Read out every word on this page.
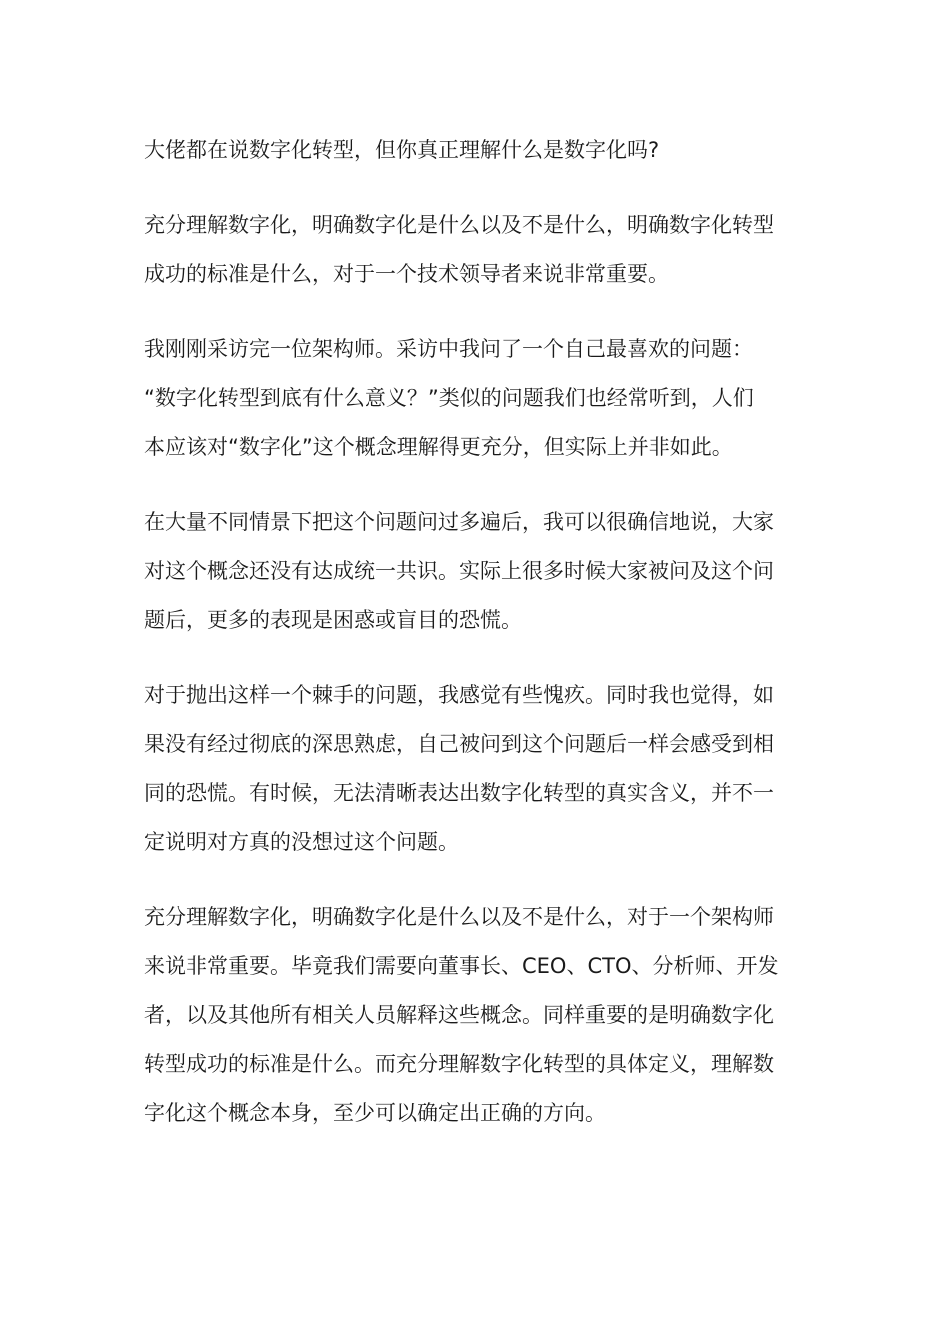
大佬都在说数字化转型，但你真正理解什么是数字化吗?

充分理解数字化，明确数字化是什么以及不是什么，明确数字化转型
成功的标准是什么，对于一个技术领导者来说非常重要。

我刚刚采访完一位架构师。采访中我问了一个自己最喜欢的问题：
“数字化转型到底有什么意义？”类似的问题我们也经常听到，人们
本应该对“数字化”这个概念理解得更充分，但实际上并非如此。

在大量不同情景下把这个问题问过多遍后，我可以很确信地说，大家
对这个概念还没有达成统一共识。实际上很多时候大家被问及这个问
题后，更多的表现是困惑或盲目的恐慌。

对于抛出这样一个棘手的问题，我感觉有些愧疚。同时我也觉得，如
果没有经过彻底的深思熟虑，自己被问到这个问题后一样会感受到相
同的恐慌。有时候，无法清晰表达出数字化转型的真实含义，并不一
定说明对方真的没想过这个问题。

充分理解数字化，明确数字化是什么以及不是什么，对于一个架构师
来说非常重要。毕竟我们需要向董事长、CEO、CTO、分析师、开发
者，以及其他所有相关人员解释这些概念。同样重要的是明确数字化
转型成功的标准是什么。而充分理解数字化转型的具体定义，理解数
字化这个概念本身，至少可以确定出正确的方向。
